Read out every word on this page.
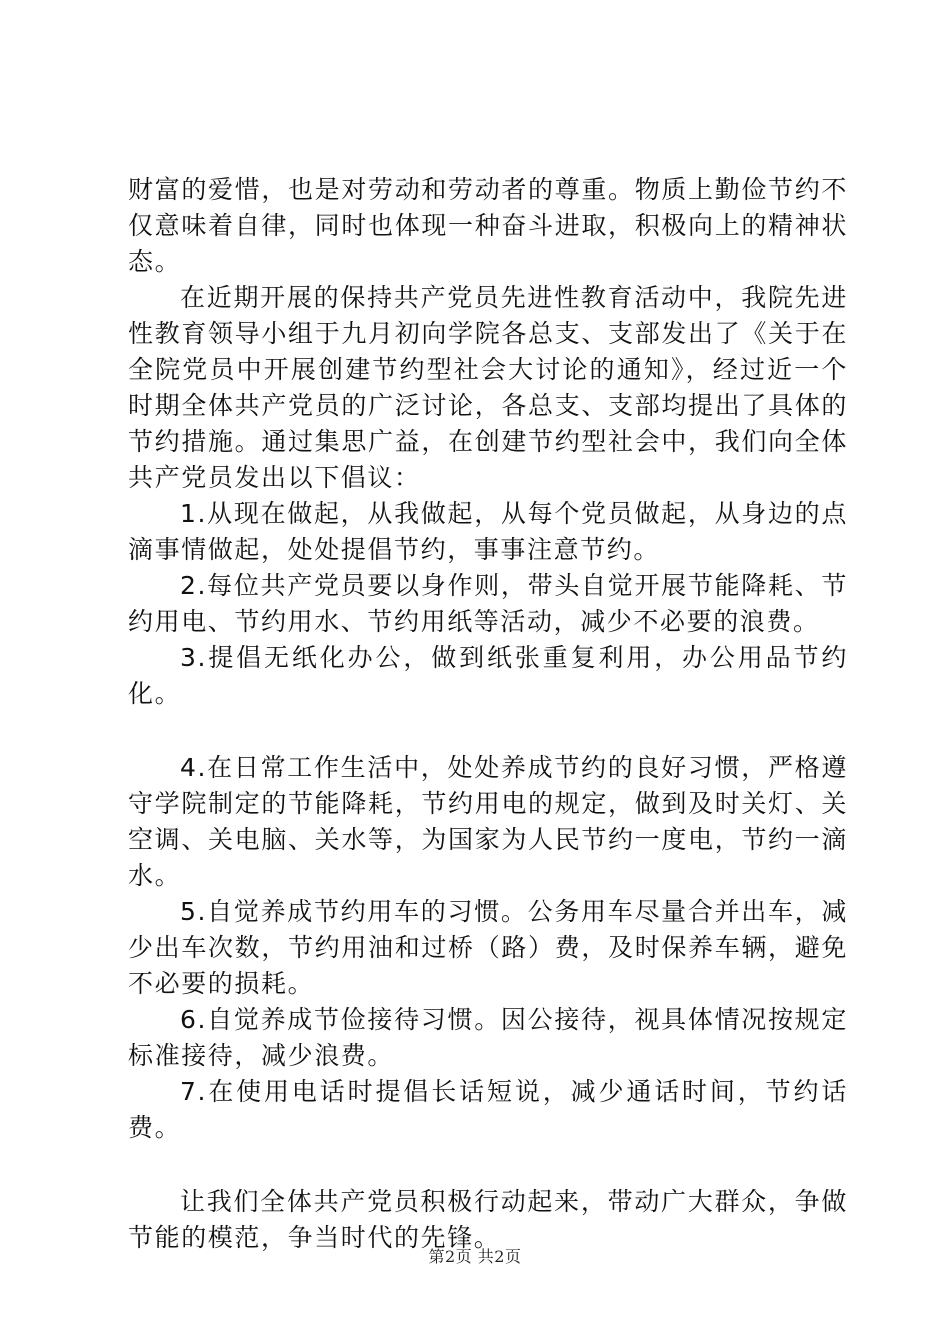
财富的爱惜，也是对劳动和劳动者的尊重。物质上勤俭节约不仅意味着自律，同时也体现一种奋斗进取，积极向上的精神状态。

在近期开展的保持共产党员先进性教育活动中，我院先进性教育领导小组于九月初向学院各总支、支部发出了《关于在全院党员中开展创建节约型社会大讨论的通知》，经过近一个时期全体共产党员的广泛讨论，各总支、支部均提出了具体的节约措施。通过集思广益，在创建节约型社会中，我们向全体共产党员发出以下倡议：

1.从现在做起，从我做起，从每个党员做起，从身边的点滴事情做起，处处提倡节约，事事注意节约。

2.每位共产党员要以身作则，带头自觉开展节能降耗、节约用电、节约用水、节约用纸等活动，减少不必要的浪费。

3.提倡无纸化办公，做到纸张重复利用，办公用品节约化。

4.在日常工作生活中，处处养成节约的良好习惯，严格遵守学院制定的节能降耗，节约用电的规定，做到及时关灯、关空调、关电脑、关水等，为国家为人民节约一度电，节约一滴水。

5.自觉养成节约用车的习惯。公务用车尽量合并出车，减少出车次数，节约用油和过桥（路）费，及时保养车辆，避免不必要的损耗。

6.自觉养成节俭接待习惯。因公接待，视具体情况按规定标准接待，减少浪费。

7.在使用电话时提倡长话短说，减少通话时间，节约话费。

让我们全体共产党员积极行动起来，带动广大群众，争做节能的模范，争当时代的先锋。

第2页 共2页
